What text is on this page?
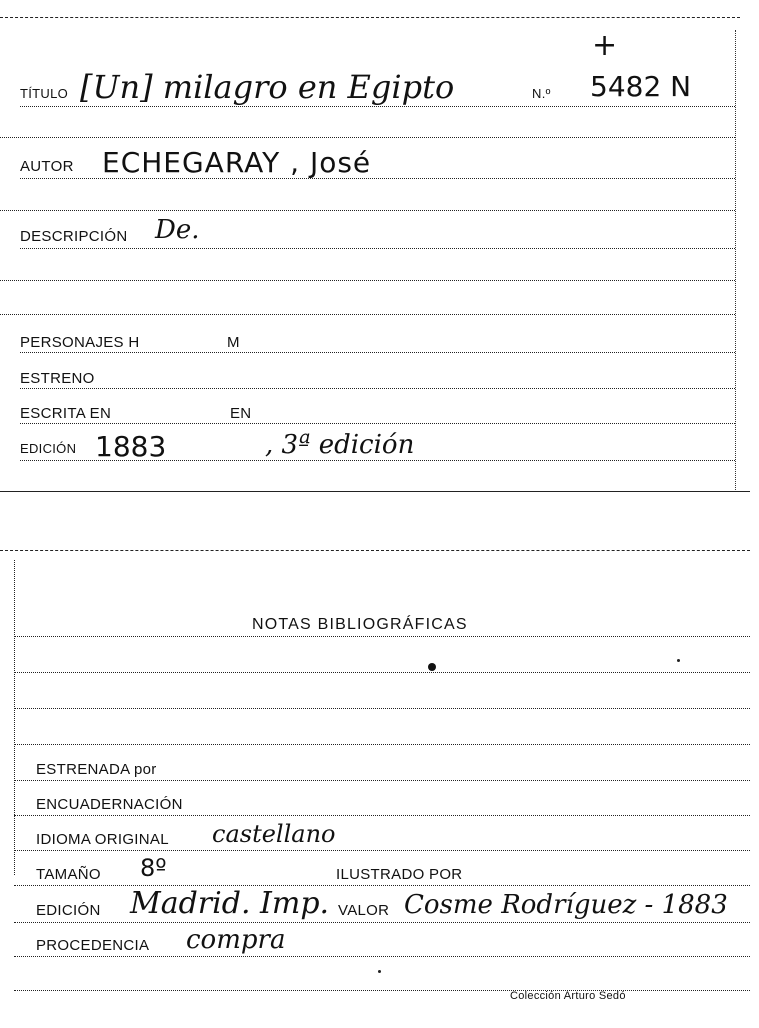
+
TÍTULO [Un] milagro en Egipto	N.º 5482 N
AUTOR ECHEGARAY , José
DESCRIPCIÓN De.
PERSONAJES H	M
ESTRENO
ESCRITA EN	EN
EDICIÓN 1883	, 3ª edición
NOTAS BIBLIOGRÁFICAS
ESTRENADA por
ENCUADERNACIÓN
IDIOMA ORIGINAL castellano
TAMAÑO 8º	ILUSTRADO POR
EDICIÓN Madrid. Imp. VALOR Cosme Rodríguez - 1883
PROCEDENCIA compra
Colección Arturo Sedó
